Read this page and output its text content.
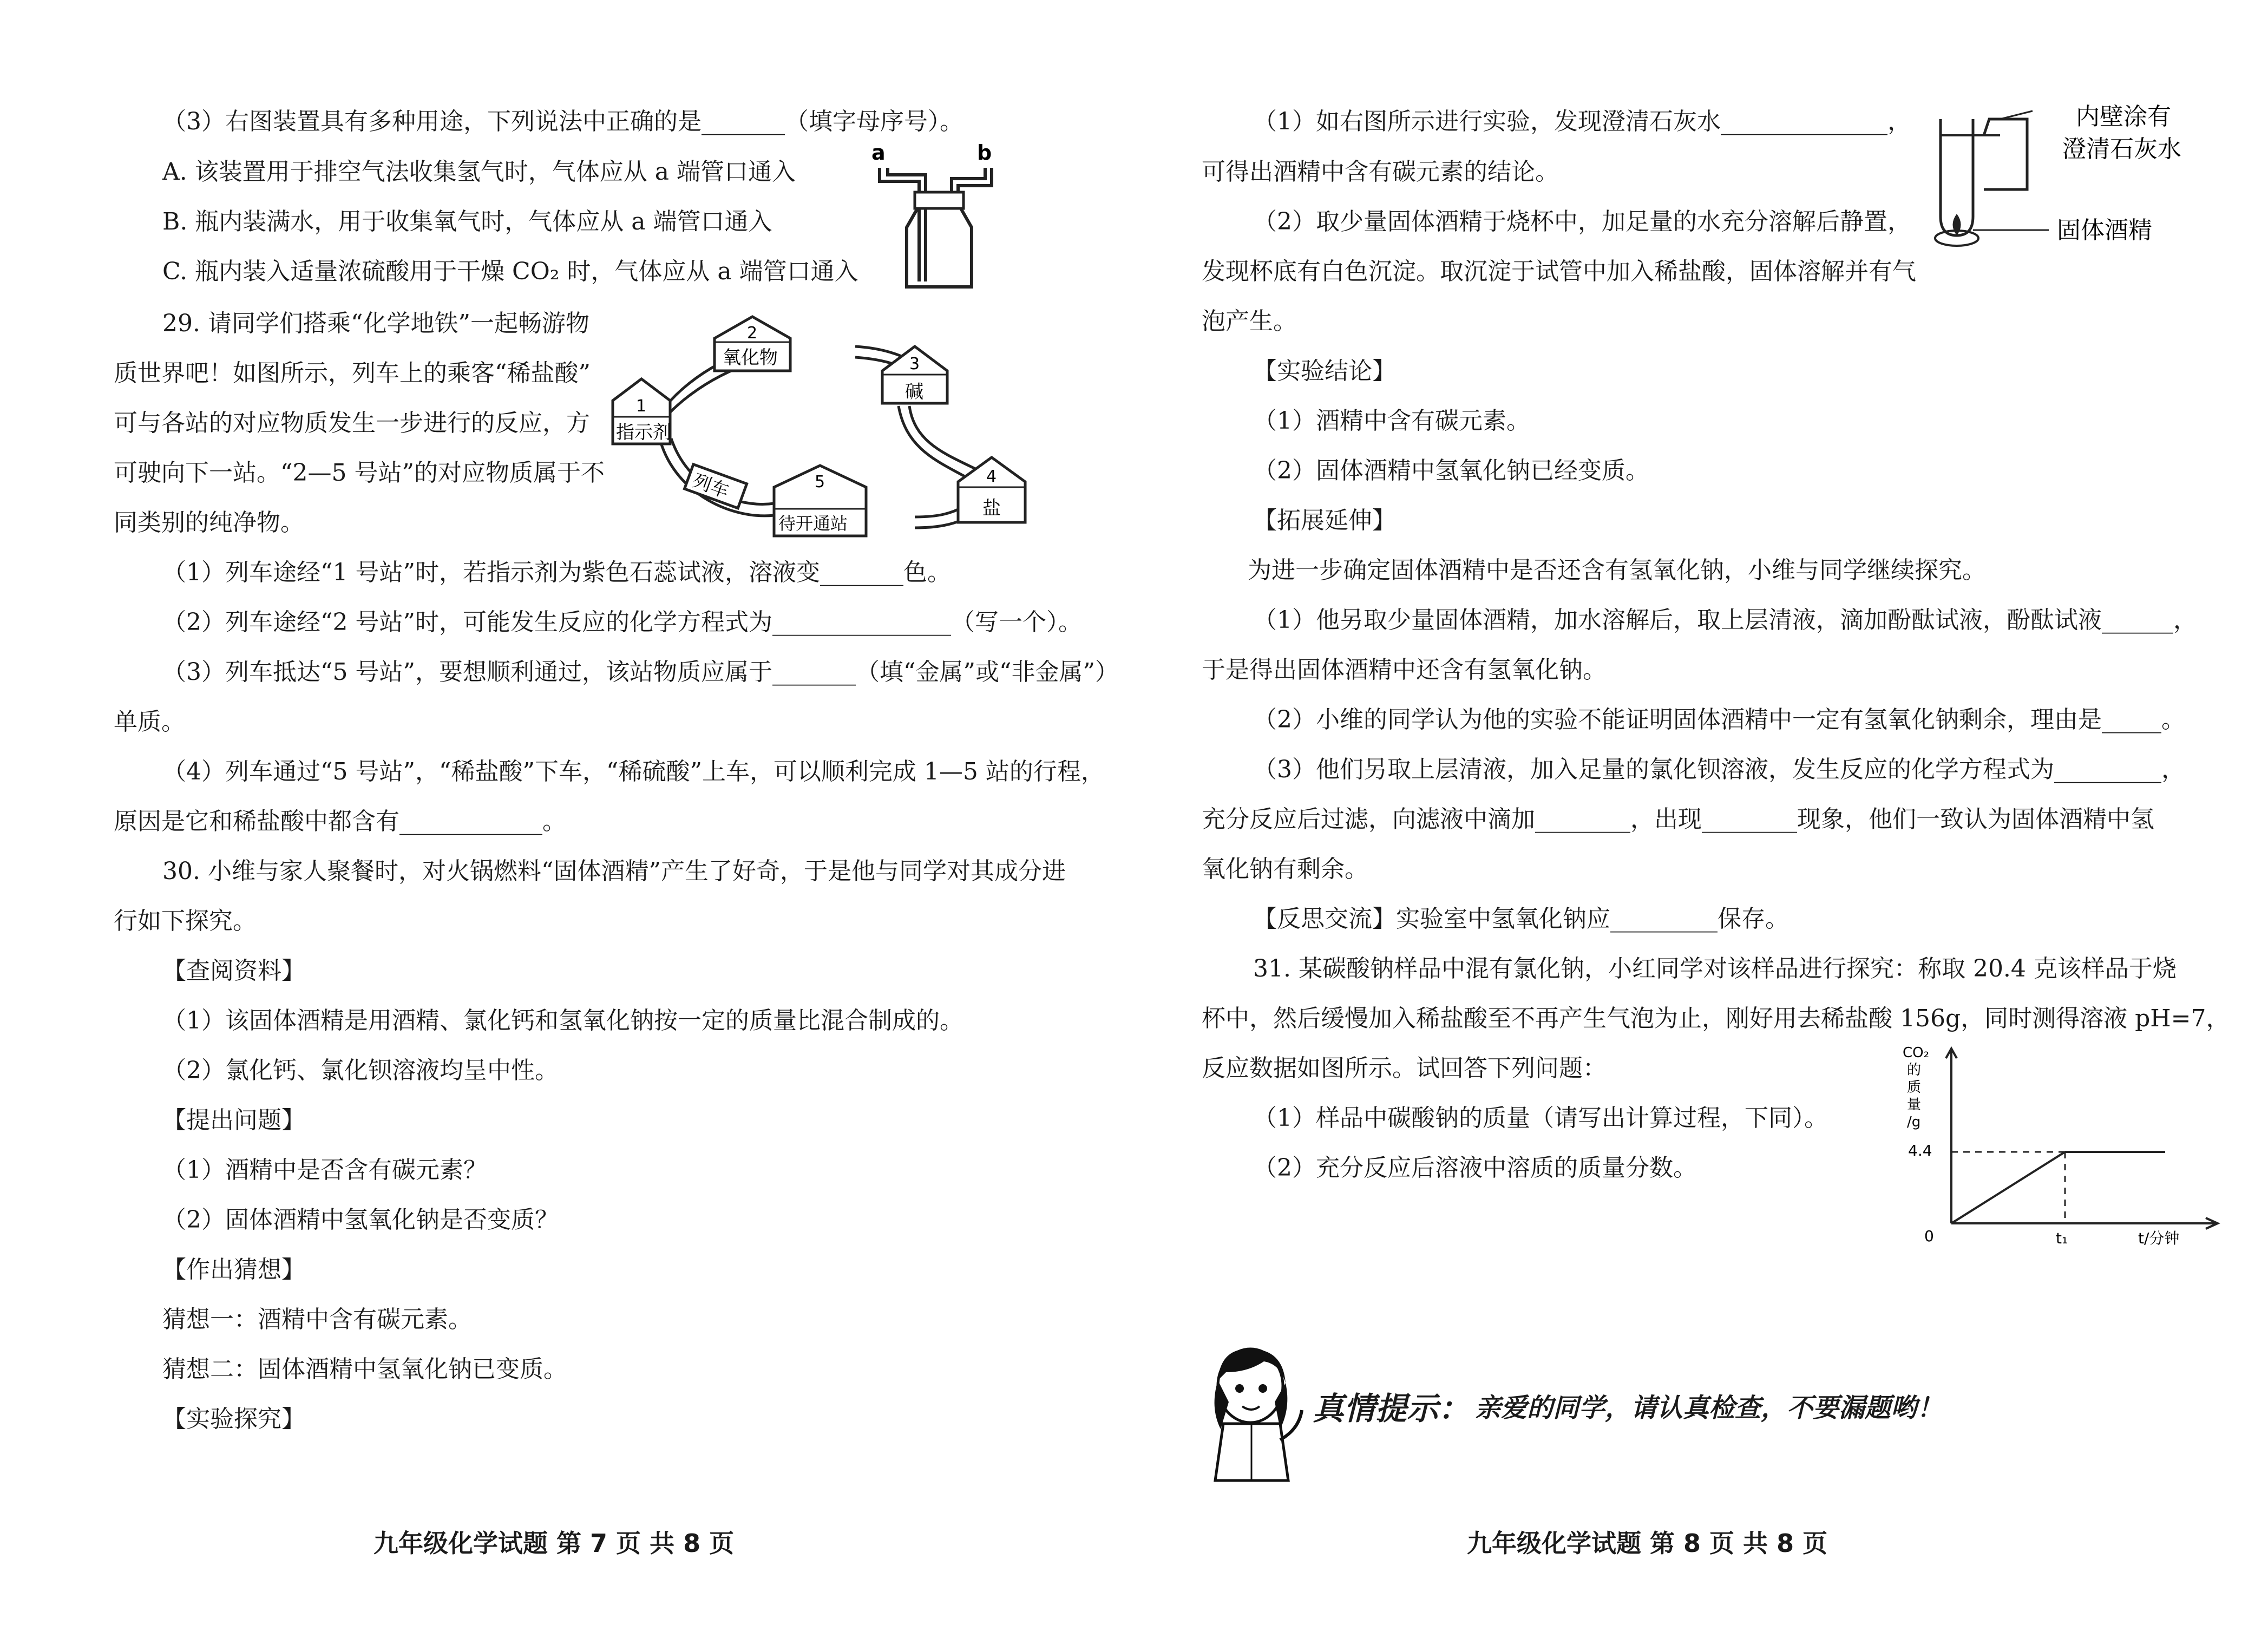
（3）右图装置具有多种用途，下列说法中正确的是_______（填字母序号）。
A. 该装置用于排空气法收集氢气时，气体应从 a 端管口通入
B. 瓶内装满水，用于收集氧气时，气体应从 a 端管口通入
C. 瓶内装入适量浓硫酸用于干燥 CO₂ 时，气体应从 a 端管口通入
29. 请同学们搭乘“化学地铁”一起畅游物
质世界吧！如图所示，列车上的乘客“稀盐酸”
可与各站的对应物质发生一步进行的反应，方
可驶向下一站。“2—5 号站”的对应物质属于不
同类别的纯净物。
（1）列车途经“1 号站”时，若指示剂为紫色石蕊试液，溶液变_______色。
（2）列车途经“2 号站”时，可能发生反应的化学方程式为_______________（写一个）。
（3）列车抵达“5 号站”，要想顺利通过，该站物质应属于_______（填“金属”或“非金属”）
单质。
（4）列车通过“5 号站”，“稀盐酸”下车，“稀硫酸”上车，可以顺利完成 1—5 站的行程，
原因是它和稀盐酸中都含有____________。
30. 小维与家人聚餐时，对火锅燃料“固体酒精”产生了好奇，于是他与同学对其成分进
行如下探究。
【查阅资料】
（1）该固体酒精是用酒精、氯化钙和氢氧化钠按一定的质量比混合制成的。
（2）氯化钙、氯化钡溶液均呈中性。
【提出问题】
（1）酒精中是否含有碳元素？
（2）固体酒精中氢氧化钠是否变质？
【作出猜想】
猜想一：酒精中含有碳元素。
猜想二：固体酒精中氢氧化钠已变质。
【实验探究】
a	b
列车
1
指示剂
2
氧化物	3
碱
4
盐
5
待开通站
九年级化学试题 第 7 页 共 8 页
（1）如右图所示进行实验，发现澄清石灰水______________，
可得出酒精中含有碳元素的结论。
（2）取少量固体酒精于烧杯中，加足量的水充分溶解后静置，
发现杯底有白色沉淀。取沉淀于试管中加入稀盐酸，固体溶解并有气
泡产生。
【实验结论】
（1）酒精中含有碳元素。
（2）固体酒精中氢氧化钠已经变质。
【拓展延伸】
为进一步确定固体酒精中是否还含有氢氧化钠，小维与同学继续探究。
（1）他另取少量固体酒精，加水溶解后，取上层清液，滴加酚酞试液，酚酞试液______，
于是得出固体酒精中还含有氢氧化钠。
（2）小维的同学认为他的实验不能证明固体酒精中一定有氢氧化钠剩余，理由是_____。
（3）他们另取上层清液，加入足量的氯化钡溶液，发生反应的化学方程式为_________，
充分反应后过滤，向滤液中滴加________，出现________现象，他们一致认为固体酒精中氢
氧化钠有剩余。
【反思交流】实验室中氢氧化钠应_________保存。
31. 某碳酸钠样品中混有氯化钠，小红同学对该样品进行探究：称取 20.4 克该样品于烧
杯中，然后缓慢加入稀盐酸至不再产生气泡为止，刚好用去稀盐酸 156g，同时测得溶液 pH=7，
反应数据如图所示。试回答下列问题：
（1）样品中碳酸钠的质量（请写出计算过程，下同）。
（2）充分反应后溶液中溶质的质量分数。
内壁涂有
澄清石灰水
固体酒精
CO₂
的
质
量
/g
4.4
0	t₁	t/分钟
真情提示： 亲爱的同学，请认真检查，不要漏题哟！
九年级化学试题 第 8 页 共 8 页
